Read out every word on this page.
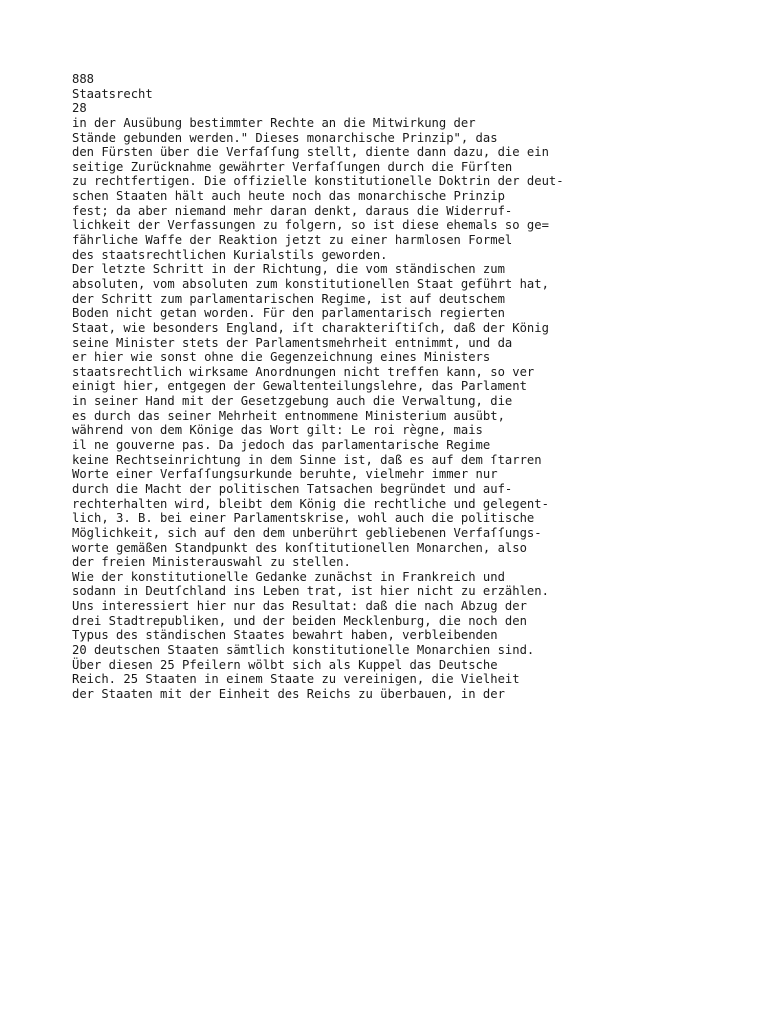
888
Staatsrecht
28
in der Ausübung bestimmter Rechte an die Mitwirkung der
Stände gebunden werden." Dieses monarchische Prinzip", das
den Fürsten über die Verfaſſung stellt, diente dann dazu, die ein
seitige Zurücknahme gewährter Verfaſſungen durch die Fürſten
zu rechtfertigen. Die offizielle konstitutionelle Doktrin der deut-
schen Staaten hält auch heute noch das monarchische Prinzip
fest; da aber niemand mehr daran denkt, daraus die Widerruf-
lichkeit der Verfassungen zu folgern, so ist diese ehemals so ge=
fährliche Waffe der Reaktion jetzt zu einer harmlosen Formel
des staatsrechtlichen Kurialstils geworden.
Der letzte Schritt in der Richtung, die vom ständischen zum
absoluten, vom absoluten zum konstitutionellen Staat geführt hat,
der Schritt zum parlamentarischen Regime, ist auf deutschem
Boden nicht getan worden. Für den parlamentarisch regierten
Staat, wie besonders England, iſt charakteriſtiſch, daß der König
seine Minister stets der Parlamentsmehrheit entnimmt, und da
er hier wie sonst ohne die Gegenzeichnung eines Ministers
staatsrechtlich wirksame Anordnungen nicht treffen kann, so ver
einigt hier, entgegen der Gewaltenteilungslehre, das Parlament
in seiner Hand mit der Gesetzgebung auch die Verwaltung, die
es durch das seiner Mehrheit entnommene Ministerium ausübt,
während von dem Könige das Wort gilt: Le roi règne, mais
il ne gouverne pas. Da jedoch das parlamentarische Regime
keine Rechtseinrichtung in dem Sinne ist, daß es auf dem ſtarren
Worte einer Verfaſſungsurkunde beruhte, vielmehr immer nur
durch die Macht der politischen Tatsachen begründet und auf-
rechterhalten wird, bleibt dem König die rechtliche und gelegent-
lich, 3. B. bei einer Parlamentskrise, wohl auch die politische
Möglichkeit, sich auf den dem unberührt gebliebenen Verfaſſungs-
worte gemäßen Standpunkt des konſtitutionellen Monarchen, also
der freien Ministerauswahl zu stellen.
Wie der konstitutionelle Gedanke zunächst in Frankreich und
sodann in Deutſchland ins Leben trat, ist hier nicht zu erzählen.
Uns interessiert hier nur das Resultat: daß die nach Abzug der
drei Stadtrepubliken, und der beiden Mecklenburg, die noch den
Typus des ständischen Staates bewahrt haben, verbleibenden
20 deutschen Staaten sämtlich konstitutionelle Monarchien sind.
Über diesen 25 Pfeilern wölbt sich als Kuppel das Deutsche
Reich. 25 Staaten in einem Staate zu vereinigen, die Vielheit
der Staaten mit der Einheit des Reichs zu überbauen, in der
